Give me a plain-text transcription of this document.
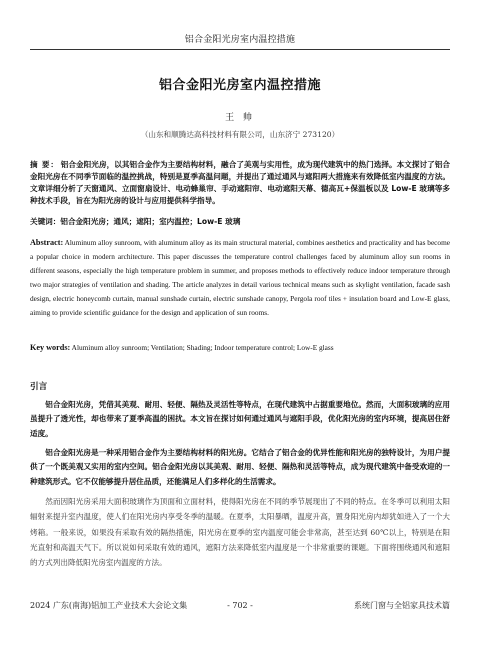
铝合金阳光房室内温控措施
铝合金阳光房室内温控措施
王 帅
（山东和顺腾达高科技材料有限公司，山东济宁 273120）

摘 要： 铝合金阳光房，以其铝合金作为主要结构材料，融合了美观与实用性，成为现代建筑中的热门选择。本文探讨了铝合金阳光房在不同季节面临的温控挑战，特别是夏季高温问题，并提出了通过通风与遮阳两大措施来有效降低室内温度的方法。文章详细分析了天窗通风、立面窗扇设计、电动蜂巢帘、手动遮阳帘、电动遮阳天幕、德高瓦+保温板以及 Low-E 玻璃等多种技术手段，旨在为阳光房的设计与应用提供科学指导。

关键词：铝合金阳光房；通风；遮阳；室内温控；Low-E 玻璃

Abstract: Aluminum alloy sunroom, with aluminum alloy as its main structural material, combines aesthetics and practicality and has become a popular choice in modern architecture. This paper discusses the temperature control challenges faced by aluminum alloy sun rooms in different seasons, especially the high temperature problem in summer, and proposes methods to effectively reduce indoor temperature through two major strategies of ventilation and shading. The article analyzes in detail various technical means such as skylight ventilation, facade sash design, electric honeycomb curtain, manual sunshade curtain, electric sunshade canopy, Pergola roof tiles + insulation board and Low-E glass, aiming to provide scientific guidance for the design and application of sun rooms.

Key words: Aluminum alloy sunroom; Ventilation; Shading; Indoor temperature control; Low-E glass

引言

铝合金阳光房，凭借其美观、耐用、轻便、隔热及灵活性等特点，在现代建筑中占据重要地位。然而，大面积玻璃的应用虽提升了透光性，却也带来了夏季高温的困扰。本文旨在探讨如何通过通风与遮阳手段，优化阳光房的室内环境，提高居住舒适度。

铝合金阳光房是一种采用铝合金作为主要结构材料的阳光房。它结合了铝合金的优异性能和阳光房的独特设计，为用户提供了一个既美观又实用的室内空间。铝合金阳光房以其美观、耐用、轻便、隔热和灵活等特点，成为现代建筑中备受欢迎的一种建筑形式。它不仅能够提升居住品质，还能满足人们多样化的生活需求。

然而因阳光房采用大面积玻璃作为顶面和立面材料，使得阳光房在不同的季节展现出了不同的特点。在冬季可以利用太阳辐射来提升室内温度，使人们在阳光房内享受冬季的温暖。在夏季，太阳暴晒，温度升高，置身阳光房内却犹如进入了一个大烤箱。一般来说，如果没有采取有效的隔热措施，阳光房在夏季的室内温度可能会非常高，甚至达到 60℃以上，特别是在阳光直射和高温天气下。所以说如何采取有效的通风，遮阳方法来降低室内温度是一个非常重要的课题。下面将围绕通风和遮阳的方式列出降低阳光房室内温度的方法。

2024 广东(南海)铝加工产业技术大会论文集	- 702 -	系统门窗与全铝家具技术篇
